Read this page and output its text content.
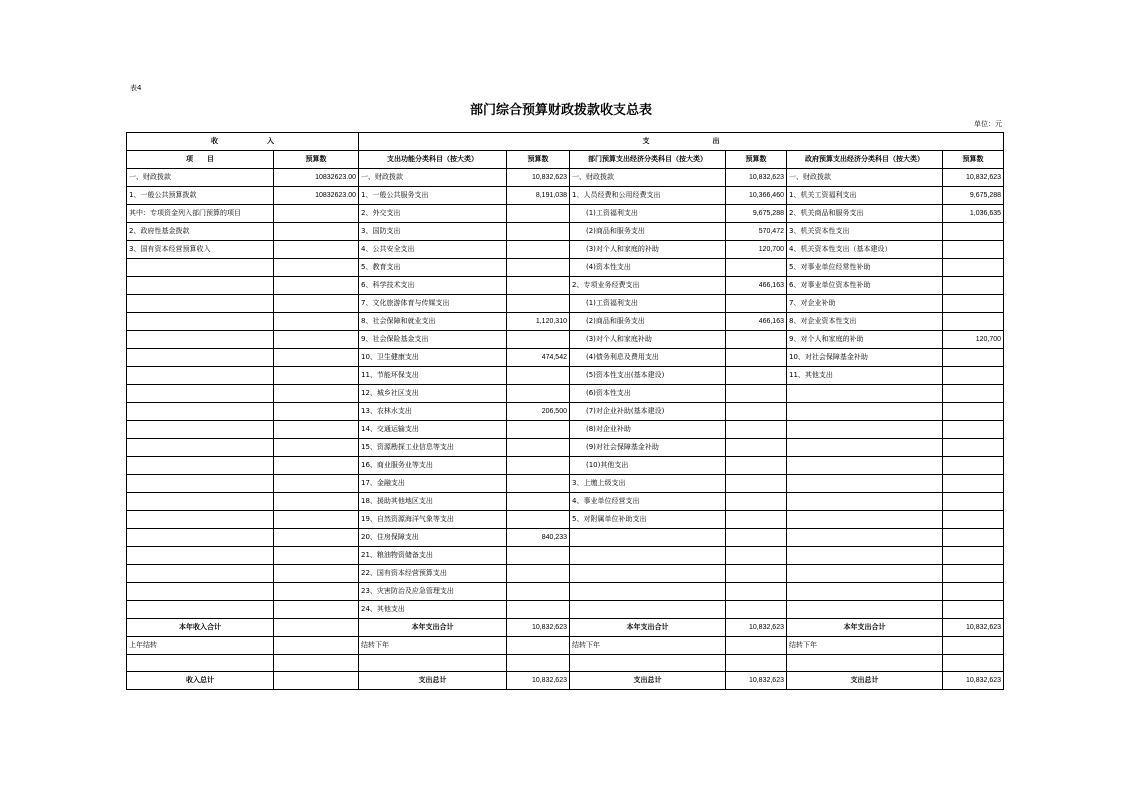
表4
部门综合预算财政拨款收支总表
单位：元
收　　　　　　　入		支　　　　　　　　　出					
项　　目	预算数	支出功能分类科目（按大类）	预算数	部门预算支出经济分类科目（按大类）	预算数	政府预算支出经济分类科目（按大类）	预算数
一、财政拨款	10832623.00	一、财政拨款	10,832,623	一、财政拨款	10,832,623	一、财政拨款	10,832,623
1、一般公共预算拨款	10832623.00	1、一般公共服务支出	8,191,038	1、人员经费和公用经费支出	10,366,460	1、机关工资福利支出	9,675,288
其中：专项资金列入部门预算的项目		2、外交支出		　　(1)工资福利支出	9,675,288	2、机关商品和服务支出	1,036,635
2、政府性基金拨款		3、国防支出		　　(2)商品和服务支出	570,472	3、机关资本性支出	
3、国有资本经营预算收入		4、公共安全支出		　　(3)对个人和家庭的补助	120,700	4、机关资本性支出（基本建设）	
		5、教育支出		　　(4)资本性支出		5、对事业单位经常性补助	
		6、科学技术支出		2、专项业务经费支出	466,163	6、对事业单位资本性补助	
		7、文化旅游体育与传媒支出		　　(1)工资福利支出		7、对企业补助	
		8、社会保障和就业支出	1,120,310	　　(2)商品和服务支出	466,163	8、对企业资本性支出	
		9、社会保险基金支出		　　(3)对个人和家庭补助		9、对个人和家庭的补助	120,700
		10、卫生健康支出	474,542	　　(4)债务利息及费用支出		10、对社会保障基金补助	
		11、节能环保支出		　　(5)资本性支出(基本建设)		11、其他支出	
		12、城乡社区支出		　　(6)资本性支出			
		13、农林水支出	206,500	　　(7)对企业补助(基本建设)			
		14、交通运输支出		　　(8)对企业补助			
		15、资源勘探工业信息等支出		　　(9)对社会保障基金补助			
		16、商业服务业等支出		　　(10)其他支出			
		17、金融支出		3、上缴上级支出			
		18、援助其他地区支出		4、事业单位经营支出			
		19、自然资源海洋气象等支出		5、对附属单位补助支出			
		20、住房保障支出	840,233				
		21、粮油物资储备支出					
		22、国有资本经营预算支出					
		23、灾害防治及应急管理支出					
		24、其他支出					
本年收入合计		本年支出合计	10,832,623	本年支出合计	10,832,623	本年支出合计	10,832,623
上年结转		结转下年		结转下年		结转下年	

收入总计		支出总计	10,832,623	支出总计	10,832,623	支出总计	10,832,623
